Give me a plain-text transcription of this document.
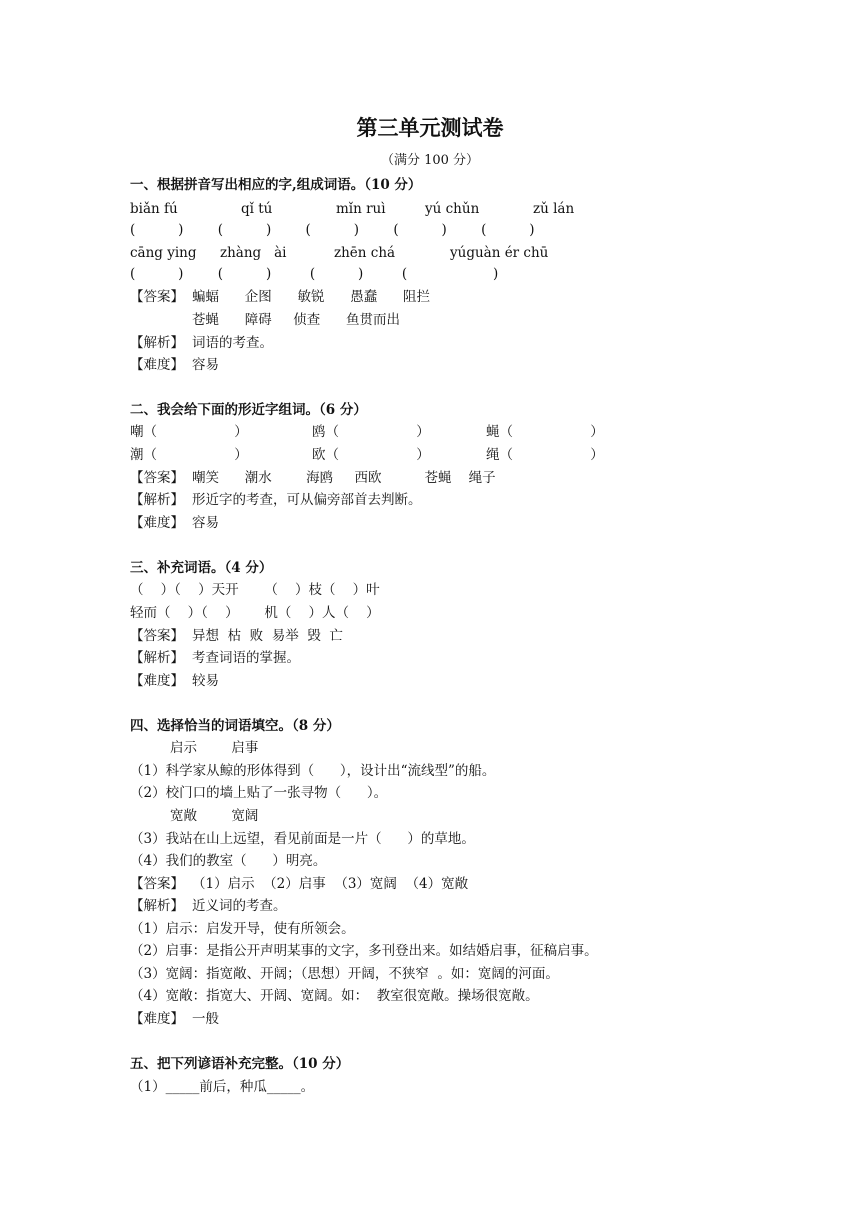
第三单元测试卷
（满分 100 分）
一、根据拼音写出相应的字,组成词语。（10 分）
biǎn fú	qǐ tú	mǐn ruì	yú chǔn	zǔ lán
(          )        (          )        (          )        (          )        (          )
cāng ying zhàng   ài	zhēn chá	yúguàn ér chū
(          )        (          )         (          )         (                    )
【答案】 蝙蝠      企图      敏锐      愚蠢      阻拦
苍蝇      障碍     侦查      鱼贯而出
【解析】 词语的考查。
【难度】 容易
二、我会给下面的形近字组词。（6 分）
嘲（                  ）	鸥（                  ）	蝇（                  ）
潮（                  ）	欧（                  ）	绳（                  ）
【答案】 嘲笑      潮水        海鸥     西欧          苍蝇    绳子
【解析】 形近字的考查，可从偏旁部首去判断。
【难度】 容易
三、补充词语。（4 分）
（    ）（    ）天开      （    ）枝（    ）叶
轻而（    ）（    ）      机（    ）人（    ）
【答案】 异想  枯  败  易举  毁  亡
【解析】 考查词语的掌握。
【难度】 较易
四、选择恰当的词语填空。（8 分）
启示        启事
（1）科学家从鲸的形体得到（      ），设计出“流线型”的船。
（2）校门口的墙上贴了一张寻物（      ）。
宽敞        宽阔
（3）我站在山上远望，看见前面是一片（      ）的草地。
（4）我们的教室（      ）明亮。
【答案】 （1）启示  （2）启事  （3）宽阔  （4）宽敞
【解析】 近义词的考查。
（1）启示：启发开导，使有所领会。
（2）启事：是指公开声明某事的文字，多刊登出来。如结婚启事，征稿启事。
（3）宽阔：指宽敞、开阔；（思想）开阔，不狭窄  。如：宽阔的河面。
（4）宽敞：指宽大、开阔、宽阔。如：  教室很宽敞。操场很宽敞。
【难度】 一般
五、把下列谚语补充完整。（10 分）
（1）_____前后，种瓜_____。
